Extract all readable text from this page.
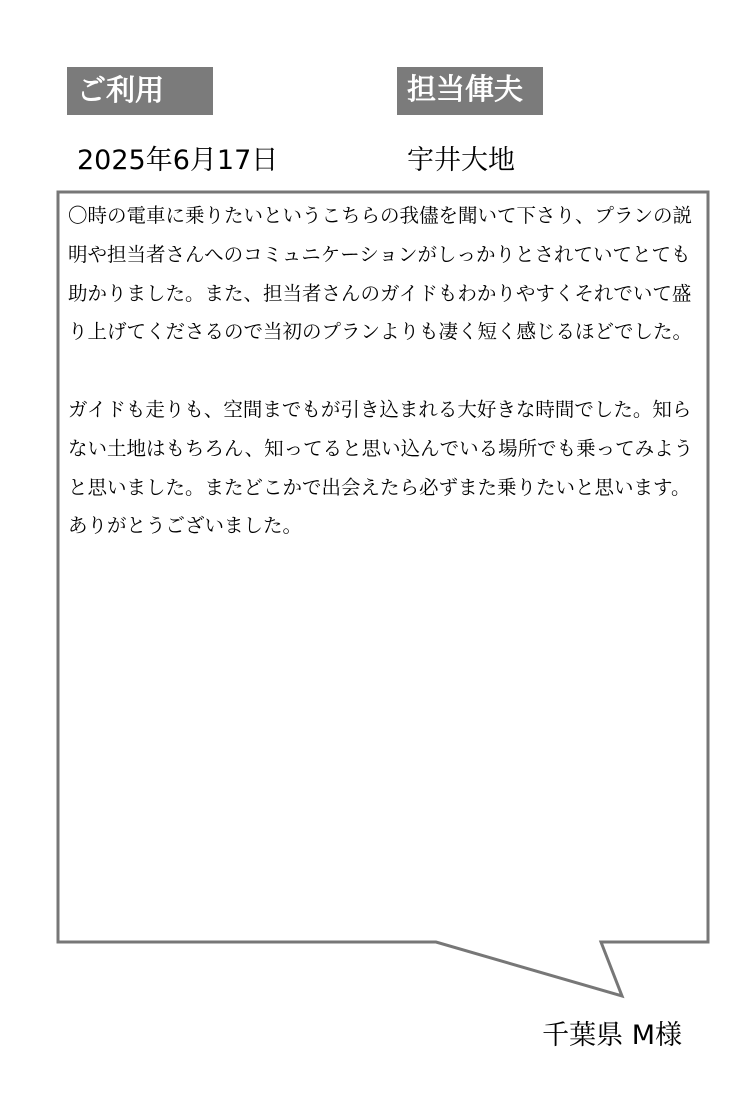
ご利用	担当俥夫
2025年6月17日	宇井大地

〇時の電車に乗りたいというこちらの我儘を聞いて下さり、プランの説明や担当者さんへのコミュニケーションがしっかりとされていてとても助かりました。また、担当者さんのガイドもわかりやすくそれでいて盛り上げてくださるので当初のプランよりも凄く短く感じるほどでした。

ガイドも走りも、空間までもが引き込まれる大好きな時間でした。知らない土地はもちろん、知ってると思い込んでいる場所でも乗ってみようと思いました。またどこかで出会えたら必ずまた乗りたいと思います。ありがとうございました。

千葉県 M様
